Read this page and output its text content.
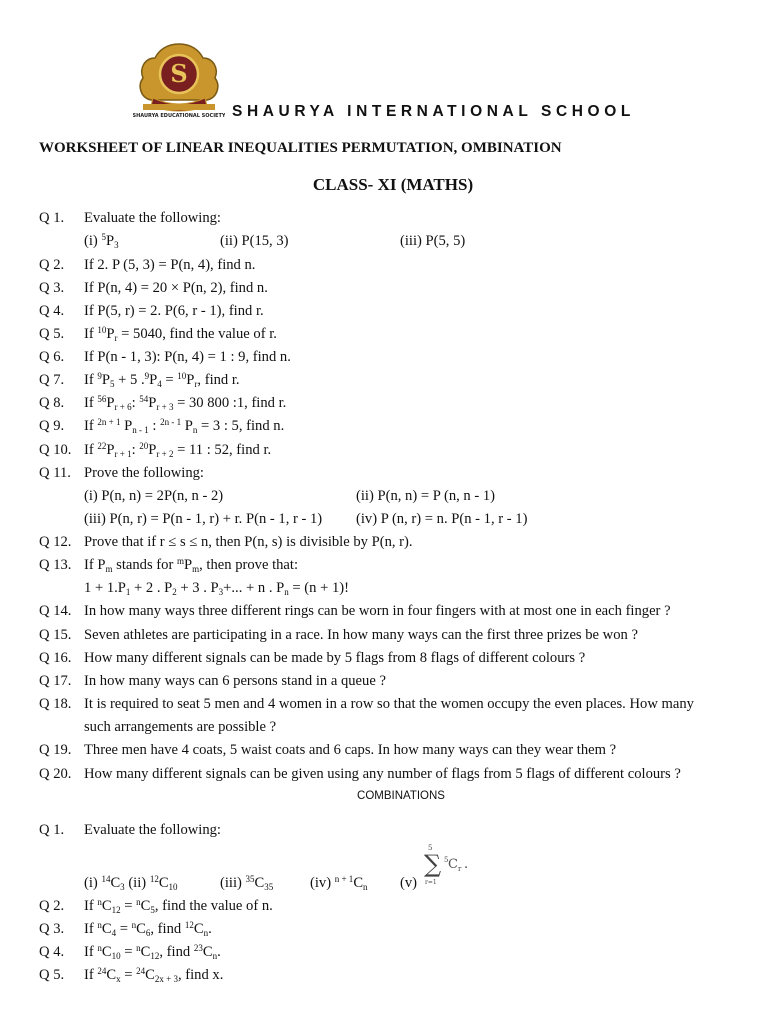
S
SHAURYA EDUCATIONAL SOCIETY SHAURYA INTERNATIONAL SCHOOL
WORKSHEET OF LINEAR INEQUALITIES PERMUTATION, OMBINATION
CLASS- XI (MATHS)
Q 1. Evaluate the following:
(i) $^5P_3$	(ii) P(15, 3)	(iii) P(5, 5)
Q 2. If 2. P (5, 3) = P(n, 4), find n.
Q 3. If P(n, 4) = 20 × P(n, 2), find n.
Q 4. If P(5, r) = 2. P(6, r - 1), find r.
Q 5. If $^{10}P_r = 5040$, find the value of r.
Q 6. If P(n - 1, 3): P(n, 4) = 1 : 9, find n.
Q 7. If $^9P_5 + 5$ $.^9P_4 = ^{10}P_r$, find r.
Q 8. If $^{56}P_{r + 6}$: $^{54}P_{r + 3} = 30$ 800 :1, find r.
Q 9. If $^{2n + 1}$ $P_{n - 1}$ : $^{2n - 1}$ $P_n = 3$ : 5, find n.
Q 10. If $^{22}P_{r + 1}$: $^{20}P_{r + 2} = 11$ : 52, find r.
Q 11. Prove the following:
(i) P(n, n) = 2P(n, n - 2)	(ii) P(n, n) = P (n, n - 1)
(iii) P(n, r) = P(n - 1, r) + r. P(n - 1, r - 1) (iv) P (n, r) = n. P(n - 1, r - 1)
Q 12. Prove that if r ≤ s ≤ n, then P(n, s) is divisible by P(n, r).
Q 13. If $P_m$ stands for $^mP_m$, then prove that:
$1 + 1.P_1 + 2$ . $P_2 + 3$ . $P_3+$... + n . $P_n = (n + 1)$!
Q 14. In how many ways three different rings can be worn in four fingers with at most one in each finger ?
Q 15. Seven athletes are participating in a race. In how many ways can the first three prizes be won ?
Q 16. How many different signals can be made by 5 flags from 8 flags of different colours ?
Q 17. In how many ways can 6 persons stand in a queue ?
Q 18. It is required to seat 5 men and 4 women in a row so that the women occupy the even places. How many
such arrangements are possible ?
Q 19. Three men have 4 coats, 5 waist coats and 6 caps. In how many ways can they wear them ?
Q 20. How many different signals can be given using any number of flags from 5 flags of different colours ?
COMBINATIONS
Q 1. Evaluate the following:
(i) $^{14}C_3$ (ii) $^{12}C_{10}$	(iii) $^{35}C_{35}$	(iv) $^{n + 1}C_n$ (v)
5
∑
r=1
5 C r .
Q 2. If $^nC_{12} = ^nC_5$, find the value of n.
Q 3. If $^nC_4 = ^nC_6$, find $^{12}C_n$.
Q 4. If $^nC_{10} = ^nC_{12}$, find $^{23}C_n$.
Q 5. If $^{24}C_x = ^{24}C_{2x + 3}$, find x.
